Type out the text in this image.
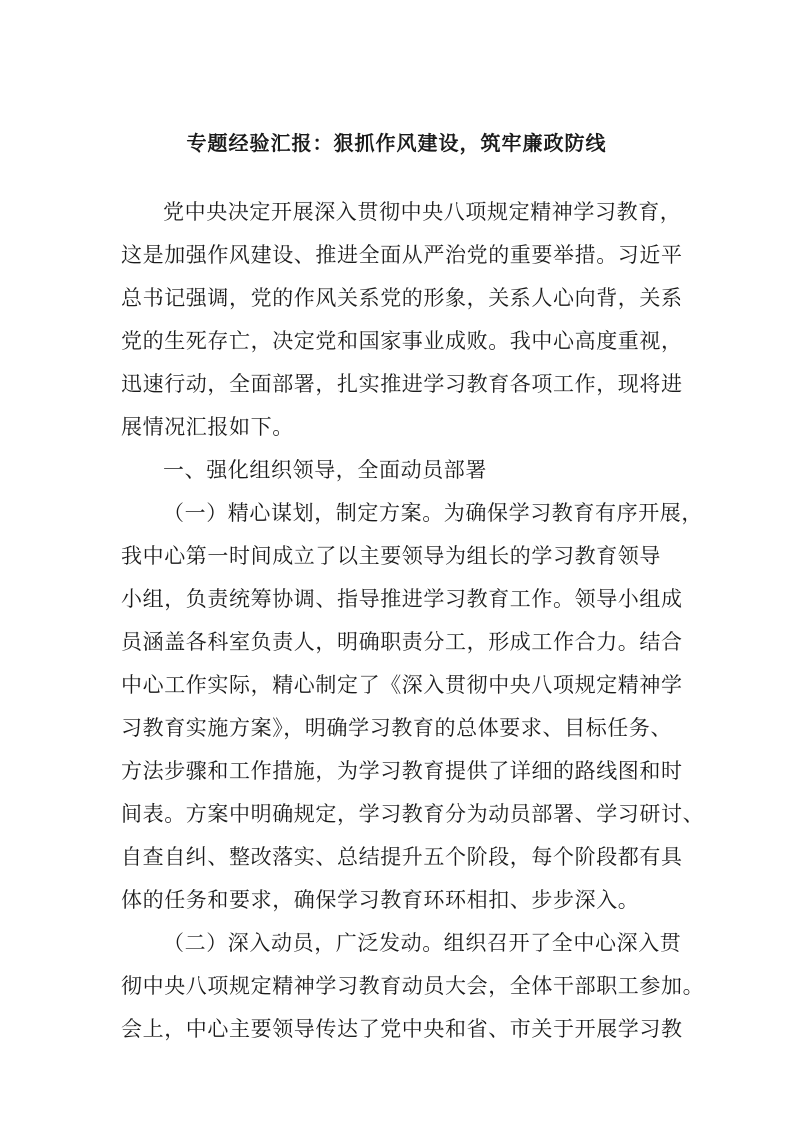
专题经验汇报：狠抓作风建设，筑牢廉政防线
党中央决定开展深入贯彻中央八项规定精神学习教育，
这是加强作风建设、推进全面从严治党的重要举措。习近平
总书记强调，党的作风关系党的形象，关系人心向背，关系
党的生死存亡，决定党和国家事业成败。我中心高度重视，
迅速行动，全面部署，扎实推进学习教育各项工作，现将进
展情况汇报如下。
一、强化组织领导，全面动员部署
（一）精心谋划，制定方案。为确保学习教育有序开展，
我中心第一时间成立了以主要领导为组长的学习教育领导
小组，负责统筹协调、指导推进学习教育工作。领导小组成
员涵盖各科室负责人，明确职责分工，形成工作合力。结合
中心工作实际，精心制定了《深入贯彻中央八项规定精神学
习教育实施方案》，明确学习教育的总体要求、目标任务、
方法步骤和工作措施，为学习教育提供了详细的路线图和时
间表。方案中明确规定，学习教育分为动员部署、学习研讨、
自查自纠、整改落实、总结提升五个阶段，每个阶段都有具
体的任务和要求，确保学习教育环环相扣、步步深入。
（二）深入动员，广泛发动。组织召开了全中心深入贯
彻中央八项规定精神学习教育动员大会，全体干部职工参加。
会上，中心主要领导传达了党中央和省、市关于开展学习教
